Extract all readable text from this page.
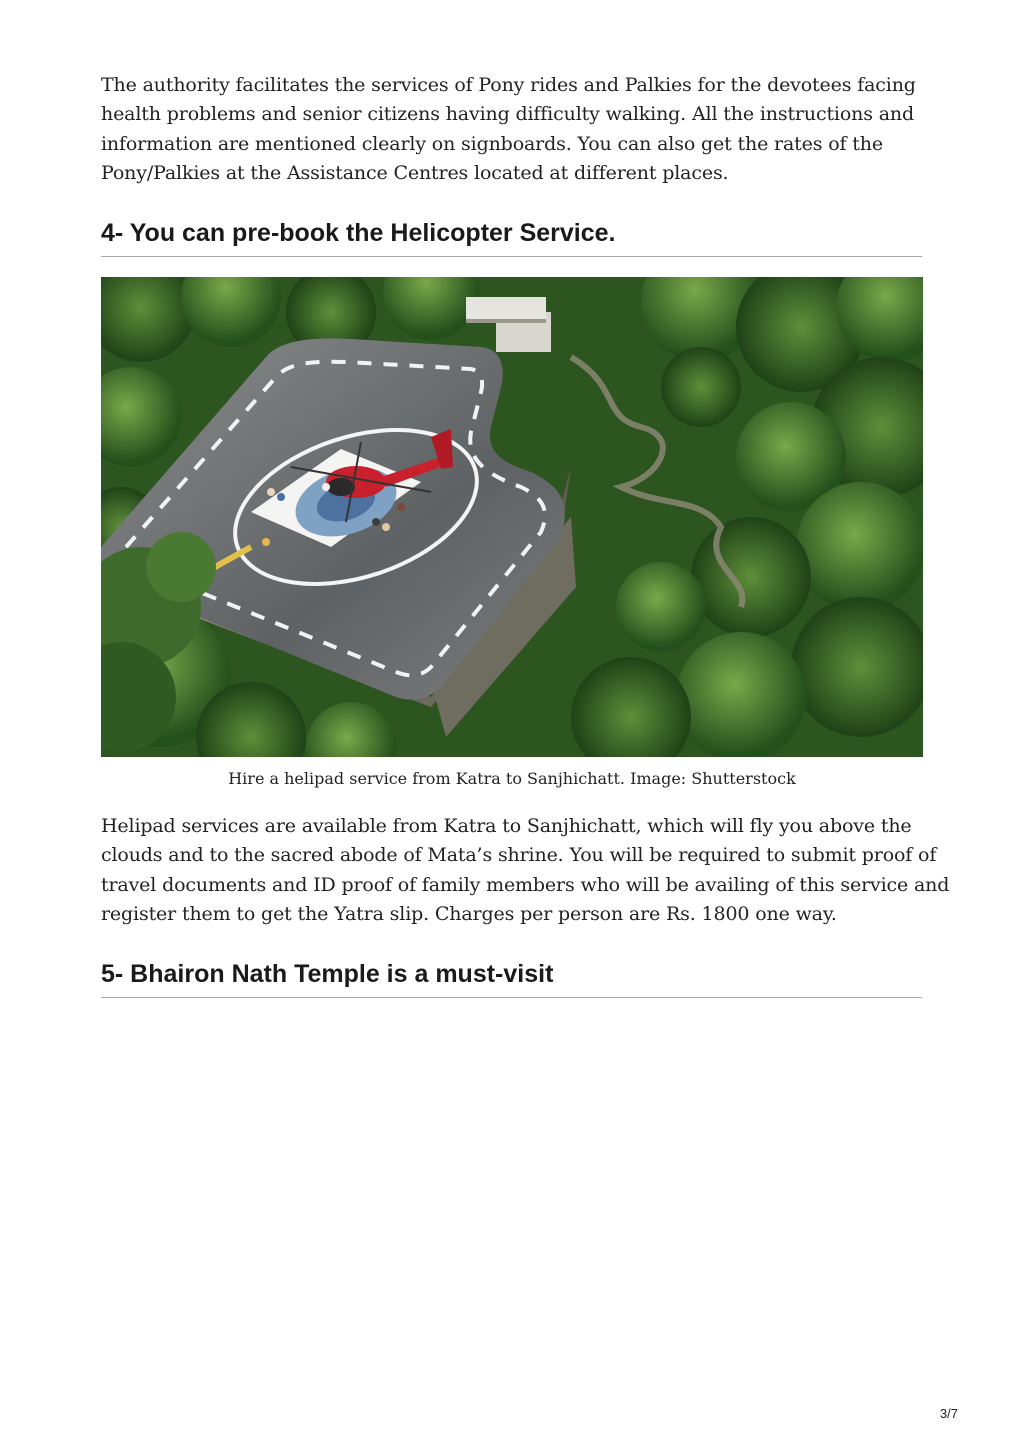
The authority facilitates the services of Pony rides and Palkies for the devotees facing
health problems and senior citizens having difficulty walking. All the instructions and
information are mentioned clearly on signboards. You can also get the rates of the
Pony/Palkies at the Assistance Centres located at different places.

4- You can pre-book the Helicopter Service.
Hire a helipad service from Katra to Sanjhichatt. Image: Shutterstock

Helipad services are available from Katra to Sanjhichatt, which will fly you above the
clouds and to the sacred abode of Mata’s shrine. You will be required to submit proof of
travel documents and ID proof of family members who will be availing of this service and
register them to get the Yatra slip. Charges per person are Rs. 1800 one way.

5- Bhairon Nath Temple is a must-visit
3/7
